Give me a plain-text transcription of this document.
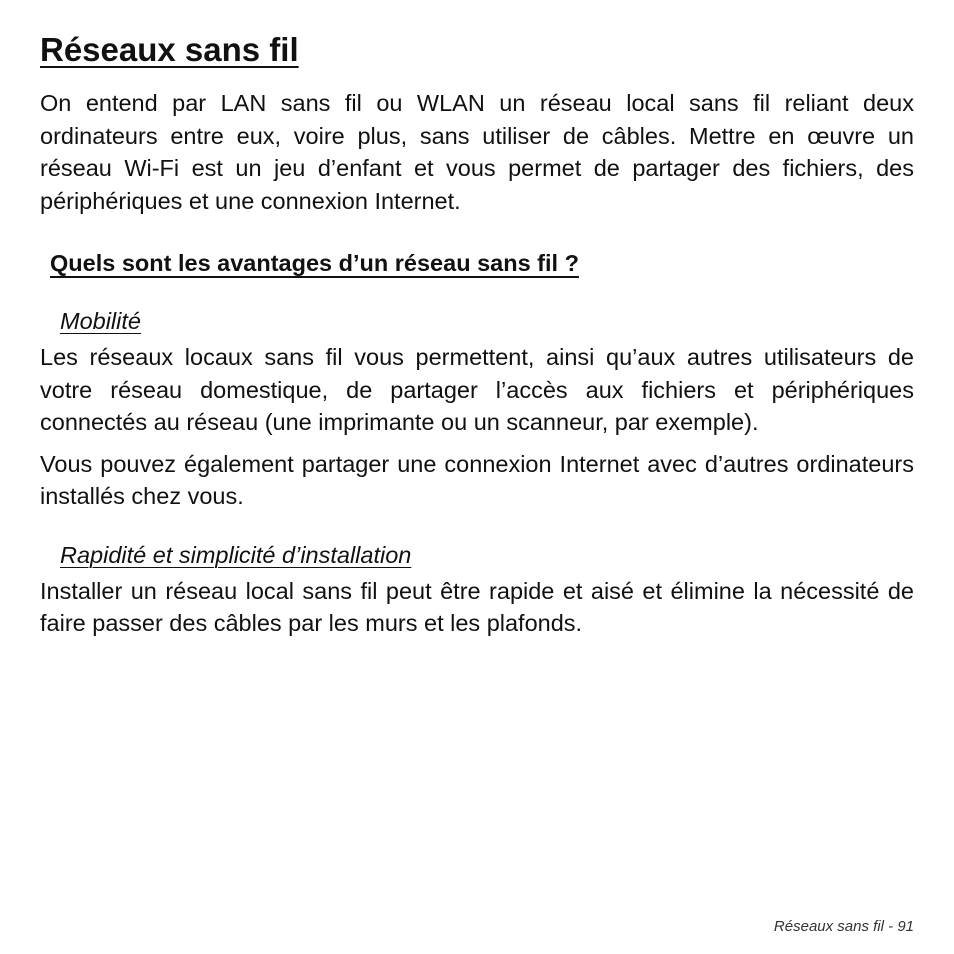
Réseaux sans fil

On entend par LAN sans fil ou WLAN un réseau local sans fil reliant deux ordinateurs entre eux, voire plus, sans utiliser de câbles. Mettre en œuvre un réseau Wi-Fi est un jeu d’enfant et vous permet de partager des fichiers, des périphériques et une connexion Internet.

Quels sont les avantages d’un réseau sans fil ?
Mobilité

Les réseaux locaux sans fil vous permettent, ainsi qu’aux autres utilisateurs de votre réseau domestique, de partager l’accès aux fichiers et périphériques connectés au réseau (une imprimante ou un scanneur, par exemple).

Vous pouvez également partager une connexion Internet avec d’autres ordinateurs installés chez vous.

Rapidité et simplicité d’installation

Installer un réseau local sans fil peut être rapide et aisé et élimine la nécessité de faire passer des câbles par les murs et les plafonds.

Réseaux sans fil - 91
